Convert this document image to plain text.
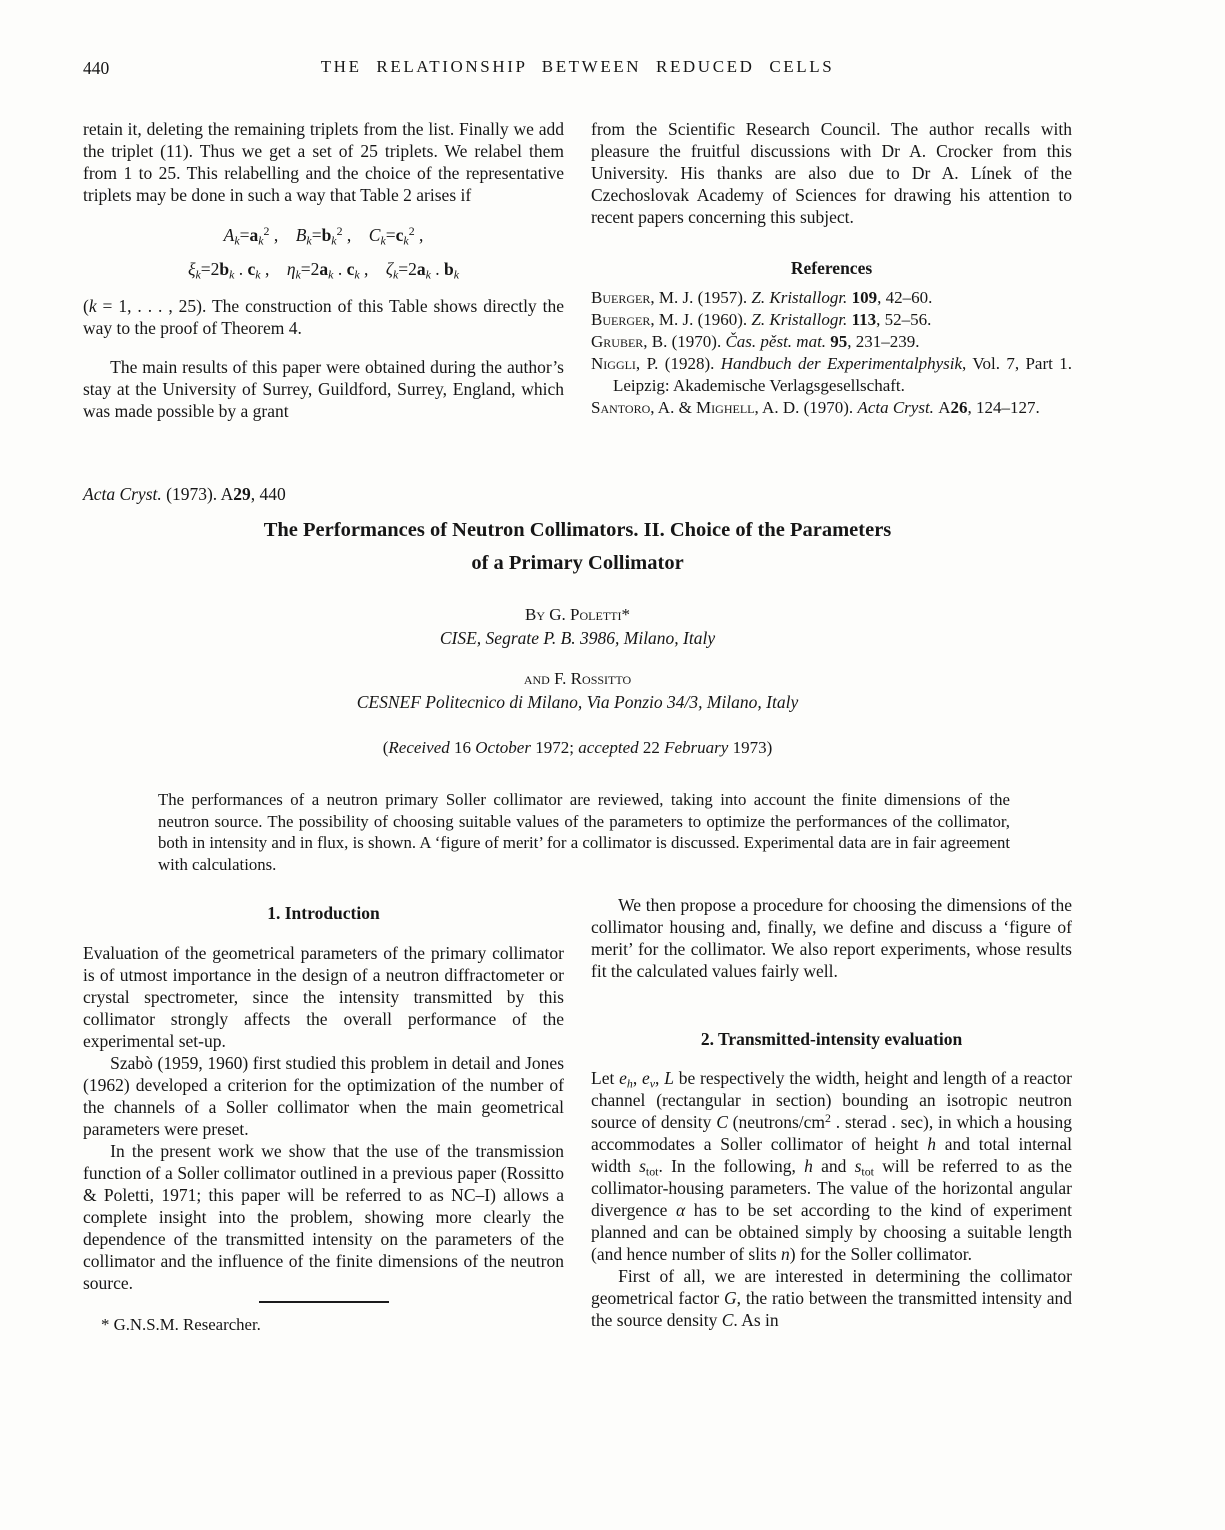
440	THE RELATIONSHIP BETWEEN REDUCED CELLS

retain it, deleting the remaining triplets from the list. Finally we add the triplet (11). Thus we get a set of 25 triplets. We relabel them from 1 to 25. This relabelling and the choice of the representative triplets may be done in such a way that Table 2 arises if

$A_k=a_k^2$ ,    $B_k=b_k^2$ ,    $C_k=c_k^2$ ,
$\xi_k=2b_k$ . $c_k$ ,    $\eta_k=2a_k$ . $c_k$ ,    $\zeta_k=2a_k$ . $b_k$

(k = 1, . . . , 25). The construction of this Table shows directly the way to the proof of Theorem 4.

The main results of this paper were obtained during the author’s stay at the University of Surrey, Guildford, Surrey, England, which was made possible by a grant

from the Scientific Research Council. The author recalls with pleasure the fruitful discussions with Dr A. Crocker from this University. His thanks are also due to Dr A. Línek of the Czechoslovak Academy of Sciences for drawing his attention to recent papers concerning this subject.

References
Buerger, M. J. (1957). Z. Kristallogr. 109, 42–60.
Buerger, M. J. (1960). Z. Kristallogr. 113, 52–56.
Gruber, B. (1970). Čas. pěst. mat. 95, 231–239.
Niggli, P. (1928). Handbuch der Experimentalphysik, Vol. 7, Part 1. Leipzig: Akademische Verlagsgesellschaft.
Santoro, A. & Mighell, A. D. (1970). Acta Cryst. A26, 124–127.
Acta Cryst. (1973). A29, 440
The Performances of Neutron Collimators. II. Choice of the Parameters
of a Primary Collimator
By G. Poletti*
CISE, Segrate P. B. 3986, Milano, Italy
and F. Rossitto
CESNEF Politecnico di Milano, Via Ponzio 34/3, Milano, Italy
(Received 16 October 1972; accepted 22 February 1973)

The performances of a neutron primary Soller collimator are reviewed, taking into account the finite dimensions of the neutron source. The possibility of choosing suitable values of the parameters to optimize the performances of the collimator, both in intensity and in flux, is shown. A ‘figure of merit’ for a collimator is discussed. Experimental data are in fair agreement with calculations.

1. Introduction

Evaluation of the geometrical parameters of the primary collimator is of utmost importance in the design of a neutron diffractometer or crystal spectrometer, since the intensity transmitted by this collimator strongly affects the overall performance of the experimental set-up.

Szabò (1959, 1960) first studied this problem in detail and Jones (1962) developed a criterion for the optimization of the number of the channels of a Soller collimator when the main geometrical parameters were preset.

In the present work we show that the use of the transmission function of a Soller collimator outlined in a previous paper (Rossitto & Poletti, 1971; this paper will be referred to as NC–I) allows a complete insight into the problem, showing more clearly the dependence of the transmitted intensity on the parameters of the collimator and the influence of the finite dimensions of the neutron source.

* G.N.S.M. Researcher.

We then propose a procedure for choosing the dimensions of the collimator housing and, finally, we define and discuss a ‘figure of merit’ for the collimator. We also report experiments, whose results fit the calculated values fairly well.

2. Transmitted-intensity evaluation

Let $e_h$, $e_v$, L be respectively the width, height and length of a reactor channel (rectangular in section) bounding an isotropic neutron source of density C ($neutrons/cm^2$ . sterad . sec), in which a housing accommodates a Soller collimator of height h and total internal width $s_{tot}$. In the following, h and $s_{tot}$ will be referred to as the collimator-housing parameters. The value of the horizontal angular divergence α has to be set according to the kind of experiment planned and can be obtained simply by choosing a suitable length (and hence number of slits n) for the Soller collimator.

First of all, we are interested in determining the collimator geometrical factor G, the ratio between the transmitted intensity and the source density C. As in
